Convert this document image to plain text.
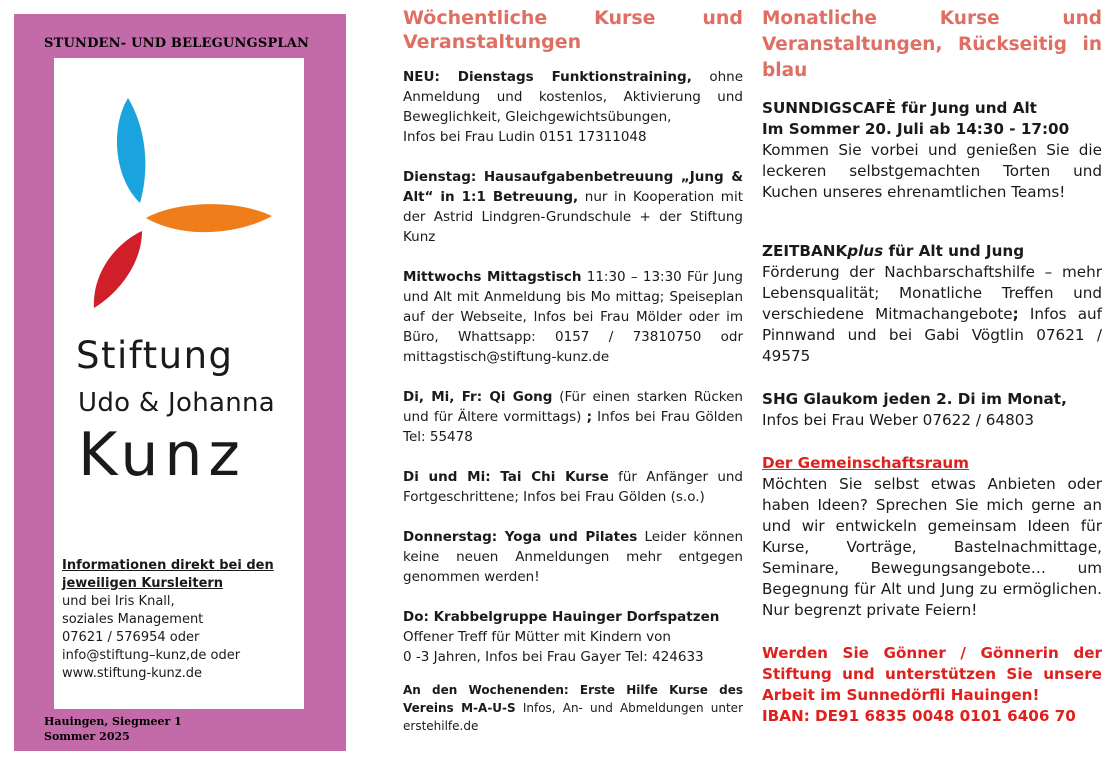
STUNDEN- UND BELEGUNGSPLAN
Stiftung
Udo & Johanna
Kunz
Informationen direkt bei den
jeweiligen Kursleitern
und bei Iris Knall,
soziales Management
07621 / 576954 oder
info@stiftung–kunz,de oder
www.stiftung-kunz.de
Hauingen, Siegmeer 1
Sommer 2025
Wöchentliche Kurse und Veranstaltungen
NEU: Dienstags Funktionstraining, ohne Anmeldung und kostenlos, Aktivierung und Beweglichkeit, Gleichgewichtsübungen,
Infos bei Frau Ludin 0151 17311048
Dienstag: Hausaufgabenbetreuung „Jung & Alt“ in 1:1 Betreuung, nur in Kooperation mit der Astrid Lindgren-Grundschule + der Stiftung Kunz
Mittwochs Mittagstisch 11:30 – 13:30 Für Jung und Alt mit Anmeldung bis Mo mittag; Speiseplan auf der Webseite, Infos bei Frau Mölder oder im Büro, Whattsapp: 0157 / 73810750 odr mittagstisch@stiftung-kunz.de
Di, Mi, Fr: Qi Gong (Für einen starken Rücken und für Ältere vormittags) ; Infos bei Frau Gölden Tel: 55478
Di und Mi: Tai Chi Kurse für Anfänger und Fortgeschrittene; Infos bei Frau Gölden (s.o.)
Donnerstag: Yoga und Pilates Leider können keine neuen Anmeldungen mehr entgegen genommen werden!
Do: Krabbelgruppe Hauinger Dorfspatzen
Offener Treff für Mütter mit Kindern von
0 -3 Jahren, Infos bei Frau Gayer Tel: 424633
An den Wochenenden: Erste Hilfe Kurse des Vereins M-A-U-S Infos, An- und Abmeldungen unter erstehilfe.de
Monatliche Kurse und Veranstaltungen, Rückseitig in blau
SUNNDIGSCAFÈ für Jung und Alt
Im Sommer 20. Juli ab 14:30 - 17:00
Kommen Sie vorbei und genießen Sie die leckeren selbstgemachten Torten und Kuchen unseres ehrenamtlichen Teams!
ZEITBANKplus für Alt und Jung
Förderung der Nachbarschaftshilfe – mehr Lebensqualität; Monatliche Treffen und verschiedene Mitmachangebote; Infos auf Pinnwand und bei Gabi Vögtlin 07621 / 49575
SHG Glaukom jeden 2. Di im Monat,
Infos bei Frau Weber 07622 / 64803
Der Gemeinschaftsraum
Möchten Sie selbst etwas Anbieten oder haben Ideen? Sprechen Sie mich gerne an und wir entwickeln gemeinsam Ideen für Kurse, Vorträge, Bastelnachmittage, Seminare, Bewegungsangebote… um Begegnung für Alt und Jung zu ermöglichen. Nur begrenzt private Feiern!
Werden Sie Gönner / Gönnerin der Stiftung und unterstützen Sie unsere Arbeit im Sunnedörfli Hauingen!
IBAN: DE91 6835 0048 0101 6406 70
